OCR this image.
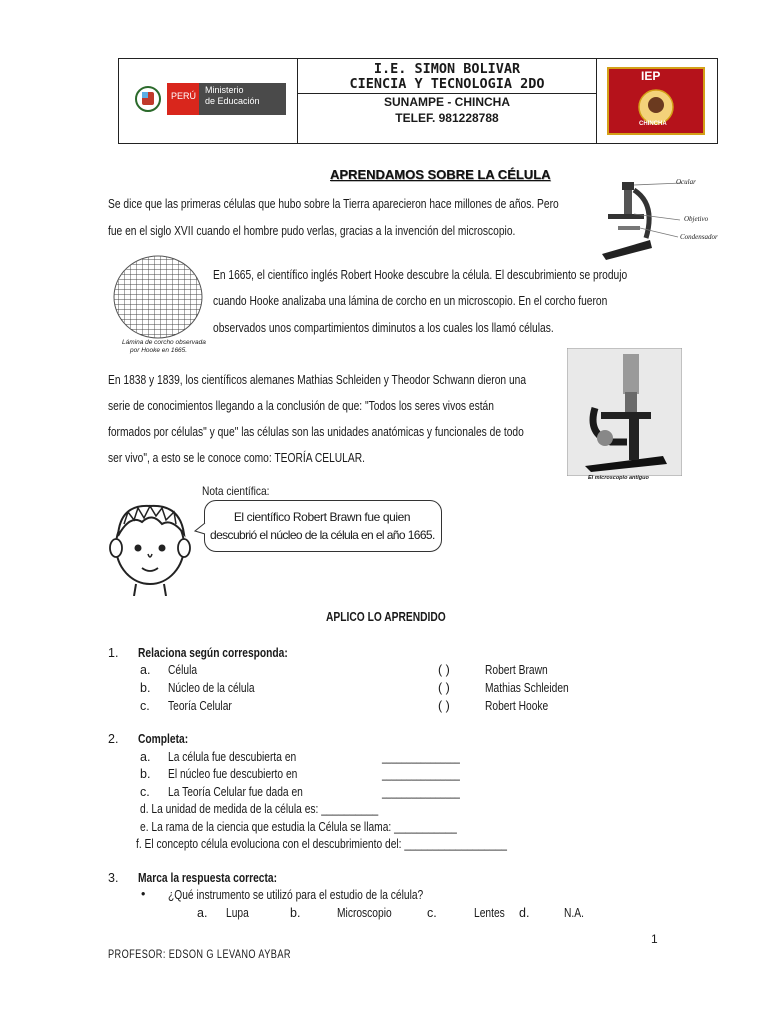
PERÚ
Ministerio
de Educación
I.E. SIMON BOLIVAR
CIENCIA Y TECNOLOGIA 2DO
SUNAMPE - CHINCHA
TELEF. 981228788
IEP
CHINCHA
APRENDAMOS SOBRE LA CÉLULA
Se dice que las primeras células que hubo sobre la Tierra aparecieron hace millones de años. Pero
fue en el siglo XVII cuando el hombre pudo verlas, gracias a la invención del microscopio.
Ocular
Objetivo
Condensador
Lámina de corcho observada
por Hooke en 1665.
En 1665, el científico inglés Robert Hooke descubre la célula. El descubrimiento se produjo
cuando Hooke analizaba una lámina de corcho en un microscopio. En el corcho fueron
observados unos compartimientos diminutos a los cuales los llamó células.
En 1838 y 1839, los científicos alemanes Mathias Schleiden y Theodor Schwann dieron una
serie de conocimientos llegando a la conclusión de que: "Todos los seres vivos están
formados por células" y que" las células son las unidades anatómicas y funcionales de todo
ser vivo", a esto se le conoce como: TEORÍA CELULAR.
El microscopio antiguo
Nota científica:
El científico Robert Brawn fue quien
descubrió el núcleo de la célula en el año 1665.
APLICO LO APRENDIDO
1. Relaciona según corresponda:
a. Célula	( )	Robert Brawn
b. Núcleo de la célula	( )	Mathias Schleiden
c. Teoría Celular	( )	Robert Hooke
2. Completa:
a. La célula fue descubierta en	________________
b. El núcleo fue descubierto en	________________
c. La Teoría Celular fue dada en	________________
d. La unidad de medida de la célula es: __________
e. La rama de la ciencia que estudia la Célula se llama: ___________
f. El concepto célula evoluciona con el descubrimiento del: __________________
3. Marca la respuesta correcta:
• ¿Qué instrumento se utilizó para el estudio de la célula?
a. Lupa	b.	Microscopio	c.	Lentes d.	N.A.
1
PROFESOR: EDSON G LEVANO AYBAR
